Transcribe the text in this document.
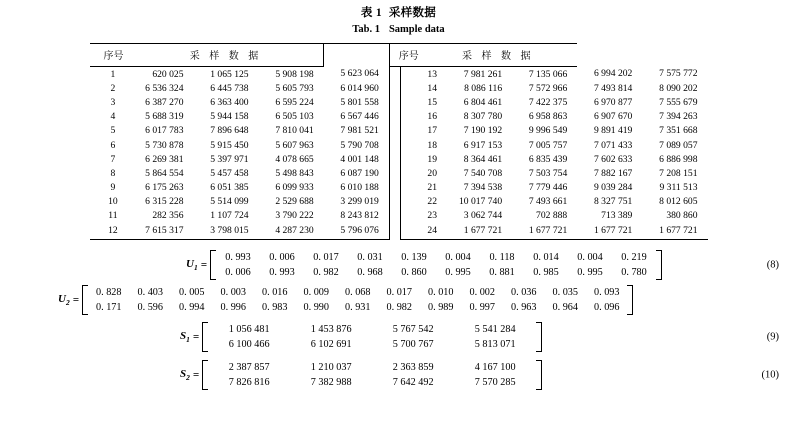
表 1 采样数据
Tab. 1 Sample data

序号		采 样 数 据				序号		采 样 数 据				
	1	620 025	1 065 125	5 908 198	5 623 064			13	7 981 261	7 135 066	6 994 202	7 575 772
	2	6 536 324	6 445 738	5 605 793	6 014 960			14	8 086 116	7 572 966	7 493 814	8 090 202
	3	6 387 270	6 363 400	6 595 224	5 801 558			15	6 804 461	7 422 375	6 970 877	7 555 679
	4	5 688 319	5 944 158	6 505 103	6 567 446			16	8 307 780	6 958 863	6 907 670	7 394 263
	5	6 017 783	7 896 648	7 810 041	7 981 521			17	7 190 192	9 996 549	9 891 419	7 351 668
	6	5 730 878	5 915 450	5 607 963	5 790 708			18	6 917 153	7 005 757	7 071 433	7 089 057
	7	6 269 381	5 397 971	4 078 665	4 001 148			19	8 364 461	6 835 439	7 602 633	6 886 998
	8	5 864 554	5 457 458	5 498 843	6 087 190			20	7 540 708	7 503 754	7 882 167	7 208 151
	9	6 175 263	6 051 385	6 099 933	6 010 188			21	7 394 538	7 779 446	9 039 284	9 311 513
	10	6 315 228	5 514 099	2 529 688	3 299 019			22	10 017 740	7 493 661	8 327 751	8 012 605
	11	282 356	1 107 724	3 790 222	8 243 812			23	3 062 744	702 888	713 389	380 860
	12	7 615 317	3 798 015	4 287 230	5 796 076			24	1 677 721	1 677 721	1 677 721	1 677 721
$U_1$ =
0. 993	0. 006	0. 017	0. 031	0. 139	0. 004	0. 118	0. 014	0. 004	0. 219
0. 006	0. 993	0. 982	0. 968	0. 860	0. 995	0. 881	0. 985	0. 995	0. 780
(8)
$U_2$ =
0. 828	0. 403	0. 005	0. 003	0. 016	0. 009	0. 068	0. 017	0. 010	0. 002	0. 036	0. 035	0. 093
0. 171	0. 596	0. 994	0. 996	0. 983	0. 990	0. 931	0. 982	0. 989	0. 997	0. 963	0. 964	0. 096
$S_1$ =
1 056 481	1 453 876	5 767 542	5 541 284
6 100 466	6 102 691	5 700 767	5 813 071
(9)
$S_2$ =
2 387 857	1 210 037	2 363 859	4 167 100
7 826 816	7 382 988	7 642 492	7 570 285
(10)
